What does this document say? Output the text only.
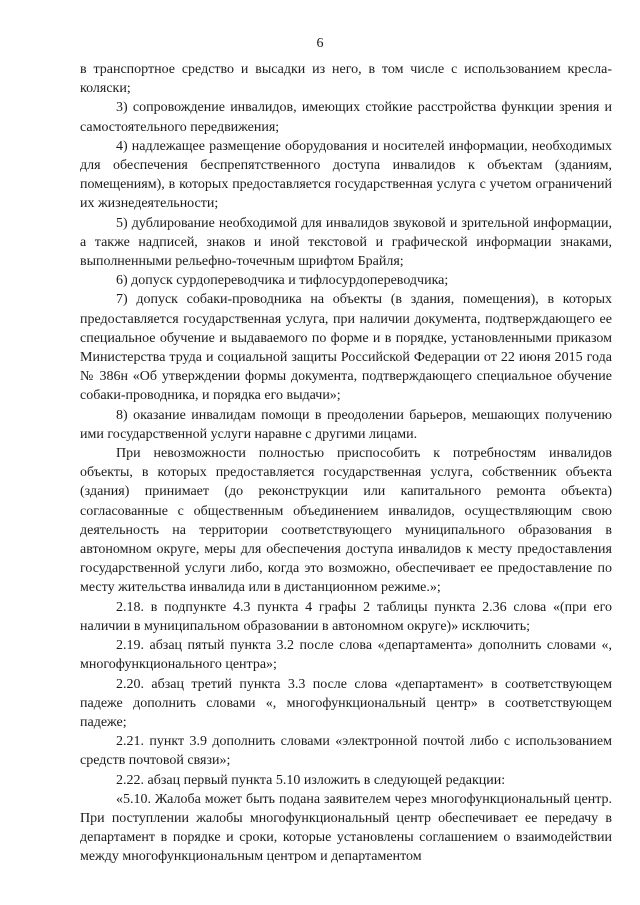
6

в транспортное средство и высадки из него, в том числе с использованием кресла-коляски;

3) сопровождение инвалидов, имеющих стойкие расстройства функции зрения и самостоятельного передвижения;

4) надлежащее размещение оборудования и носителей информации, необходимых для обеспечения беспрепятственного доступа инвалидов к объектам (зданиям, помещениям), в которых предоставляется государственная услуга с учетом ограничений их жизнедеятельности;

5) дублирование необходимой для инвалидов звуковой и зрительной информации, а также надписей, знаков и иной текстовой и графической информации знаками, выполненными рельефно-точечным шрифтом Брайля;

6) допуск сурдопереводчика и тифлосурдопереводчика;

7) допуск собаки-проводника на объекты (в здания, помещения), в которых предоставляется государственная услуга, при наличии документа, подтверждающего ее специальное обучение и выдаваемого по форме и в порядке, установленными приказом Министерства труда и социальной защиты Российской Федерации от 22 июня 2015 года № 386н «Об утверждении формы документа, подтверждающего специальное обучение собаки-проводника, и порядка его выдачи»;

8) оказание инвалидам помощи в преодолении барьеров, мешающих получению ими государственной услуги наравне с другими лицами.

При невозможности полностью приспособить к потребностям инвалидов объекты, в которых предоставляется государственная услуга, собственник объекта (здания) принимает (до реконструкции или капитального ремонта объекта) согласованные с общественным объединением инвалидов, осуществляющим свою деятельность на территории соответствующего муниципального образования в автономном округе, меры для обеспечения доступа инвалидов к месту предоставления государственной услуги либо, когда это возможно, обеспечивает ее предоставление по месту жительства инвалида или в дистанционном режиме.»;

2.18. в подпункте 4.3 пункта 4 графы 2 таблицы пункта 2.36 слова «(при его наличии в муниципальном образовании в автономном округе)» исключить;

2.19. абзац пятый пункта 3.2 после слова «департамента» дополнить словами «, многофункционального центра»;

2.20. абзац третий пункта 3.3 после слова «департамент» в соответствующем падеже дополнить словами «, многофункциональный центр» в соответствующем падеже;

2.21. пункт 3.9 дополнить словами «электронной почтой либо с использованием средств почтовой связи»;

2.22. абзац первый пункта 5.10 изложить в следующей редакции:

«5.10. Жалоба может быть подана заявителем через многофункциональный центр. При поступлении жалобы многофункциональный центр обеспечивает ее передачу в департамент в порядке и сроки, которые установлены соглашением о взаимодействии между многофункциональным центром и департаментом
